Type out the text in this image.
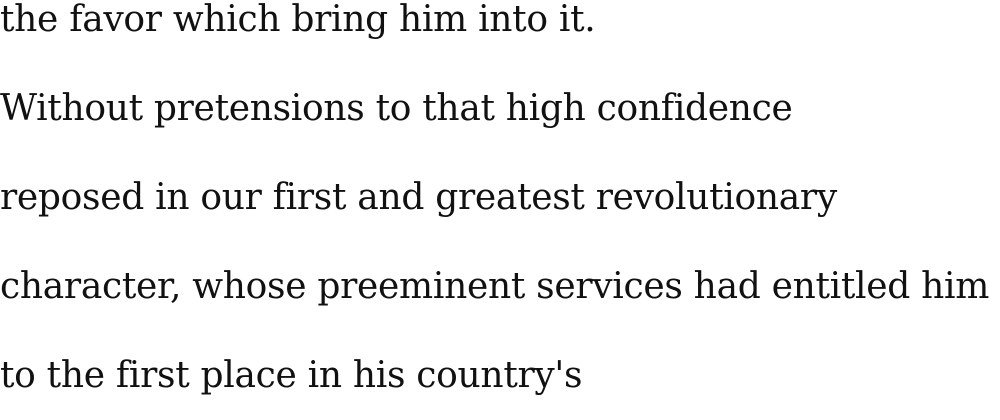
the favor which bring him into it.
Without pretensions to that high confidence
reposed in our first and greatest revolutionary
character, whose preeminent services had entitled him
to the first place in his country's
